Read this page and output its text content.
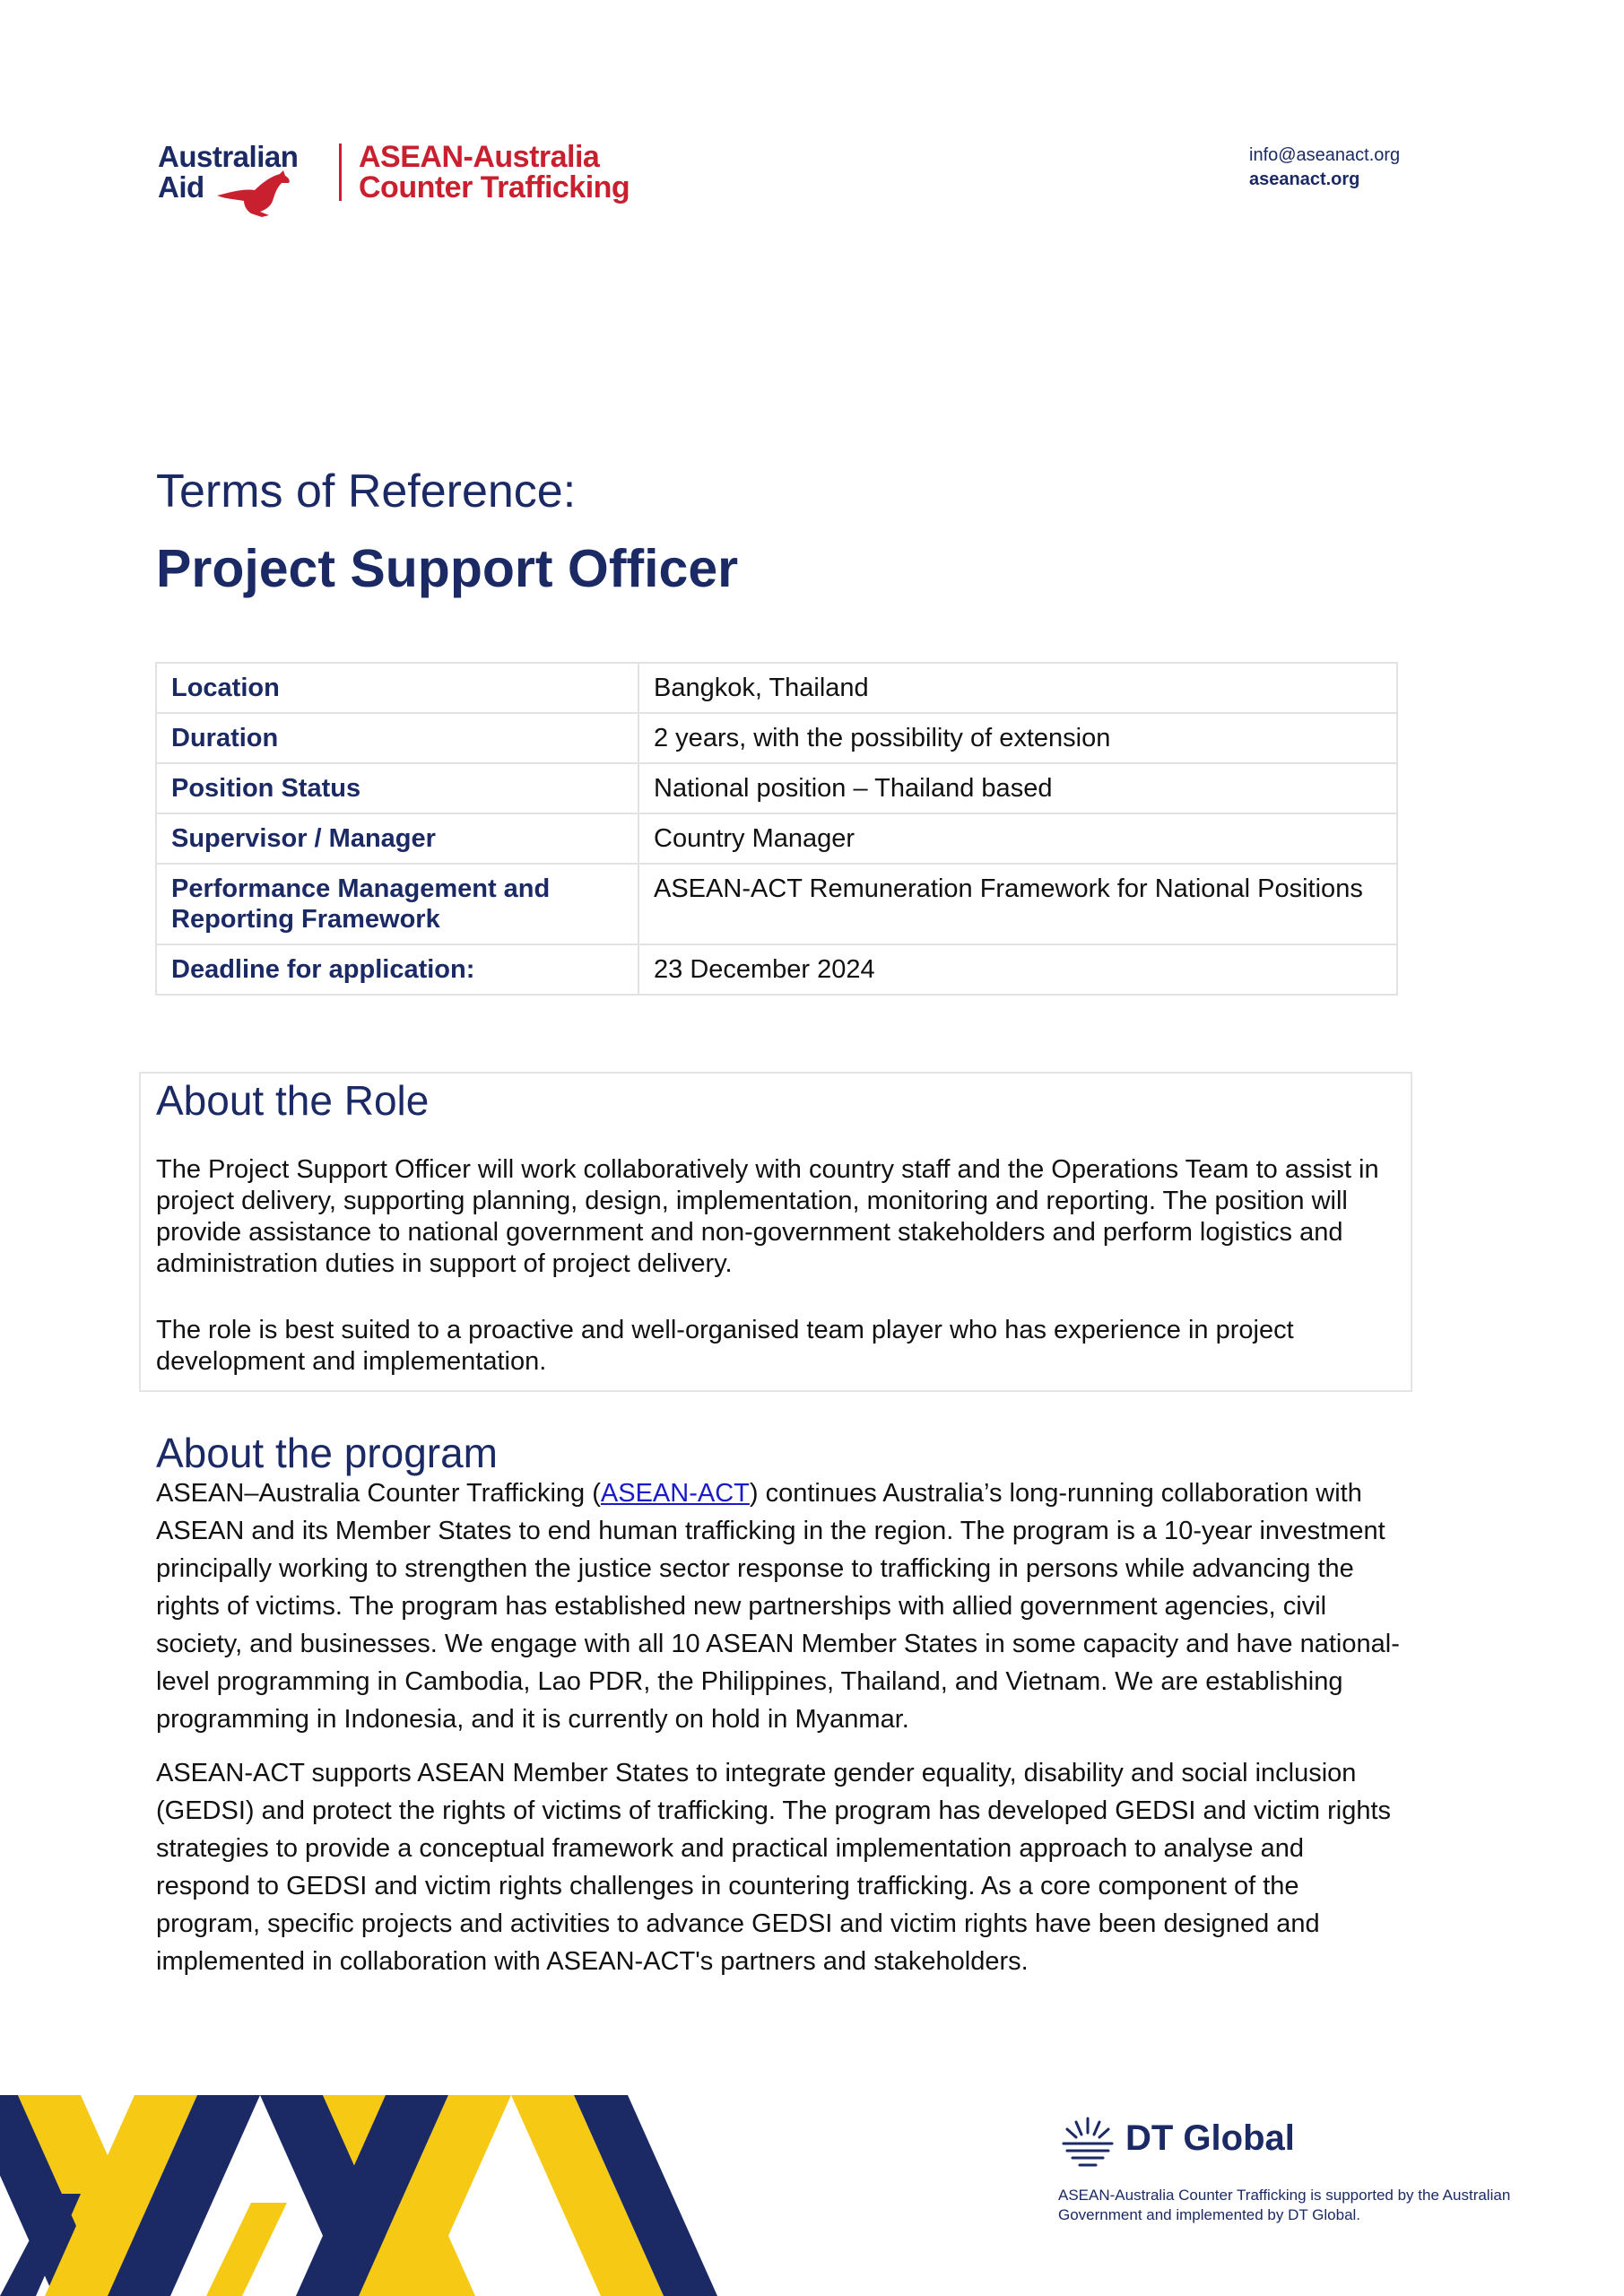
Australian
Aid
ASEAN-Australia
Counter Trafficking
info@aseanact.org
aseanact.org
Terms of Reference:
Project Support Officer
Location	Bangkok, Thailand
Duration	2 years, with the possibility of extension
Position Status	National position – Thailand based
Supervisor / Manager	Country Manager
Performance Management and Reporting Framework	ASEAN-ACT Remuneration Framework for National Positions
Deadline for application:	23 December 2024
About the Role

The Project Support Officer will work collaboratively with country staff and the Operations Team to assist in project delivery, supporting planning, design, implementation, monitoring and reporting. The position will provide assistance to national government and non-government stakeholders and perform logistics and administration duties in support of project delivery.

The role is best suited to a proactive and well-organised team player who has experience in project development and implementation.

About the program

ASEAN–Australia Counter Trafficking (ASEAN-ACT) continues Australia’s long-running collaboration with ASEAN and its Member States to end human trafficking in the region. The program is a 10-year investment principally working to strengthen the justice sector response to trafficking in persons while advancing the rights of victims. The program has established new partnerships with allied government agencies, civil society, and businesses. We engage with all 10 ASEAN Member States in some capacity and have national-level programming in Cambodia, Lao PDR, the Philippines, Thailand, and Vietnam. We are establishing programming in Indonesia, and it is currently on hold in Myanmar.

ASEAN-ACT supports ASEAN Member States to integrate gender equality, disability and social inclusion (GEDSI) and protect the rights of victims of trafficking. The program has developed GEDSI and victim rights strategies to provide a conceptual framework and practical implementation approach to analyse and respond to GEDSI and victim rights challenges in countering trafficking. As a core component of the program, specific projects and activities to advance GEDSI and victim rights have been designed and implemented in collaboration with ASEAN-ACT's partners and stakeholders.

DT Global
ASEAN-Australia Counter Trafficking is supported by the Australian Government and implemented by DT Global.
